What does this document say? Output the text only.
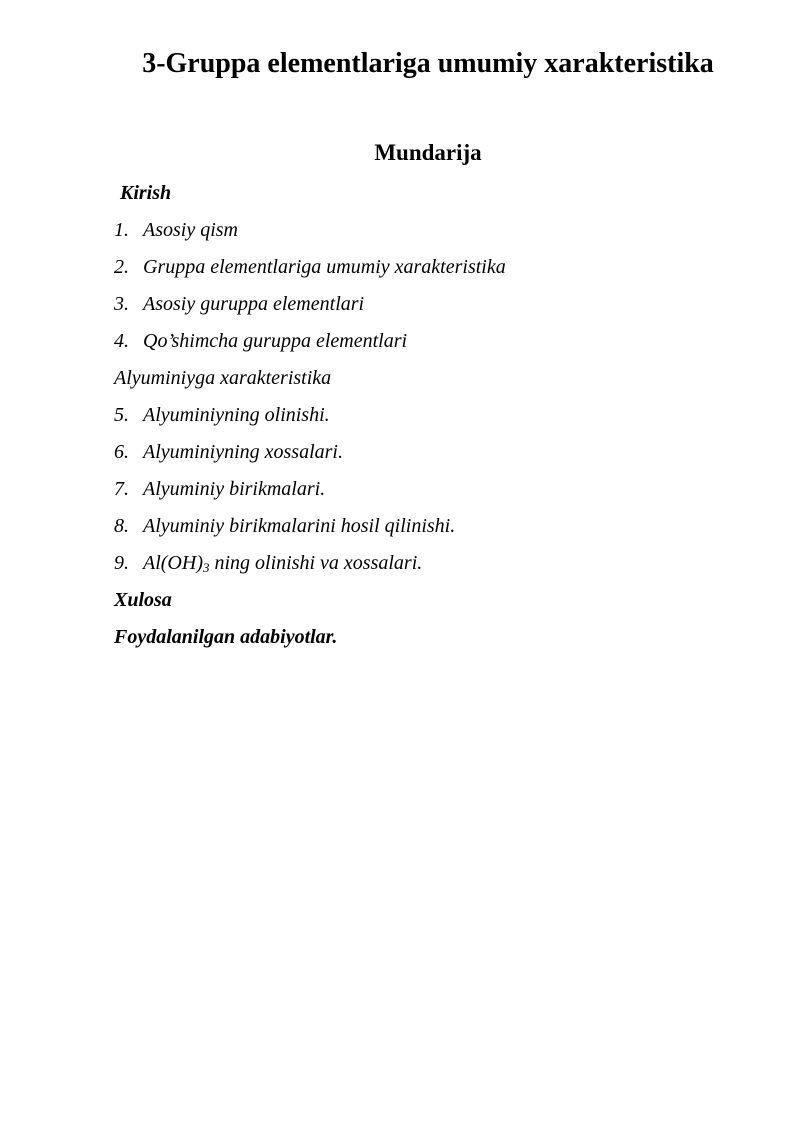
3-Gruppa elementlariga umumiy xarakteristika
Mundarija
Kirish
1. Asosiy qism
2. Gruppa elementlariga umumiy xarakteristika
3. Asosiy guruppa elementlari
4. Qo’shimcha guruppa elementlari
Alyuminiyga xarakteristika
5. Alyuminiyning olinishi.
6. Alyuminiyning xossalari.
7. Alyuminiy birikmalari.
8. Alyuminiy birikmalarini hosil qilinishi.
9. $Al(OH)_3$ ning olinishi va xossalari.
Xulosa
Foydalanilgan adabiyotlar.
